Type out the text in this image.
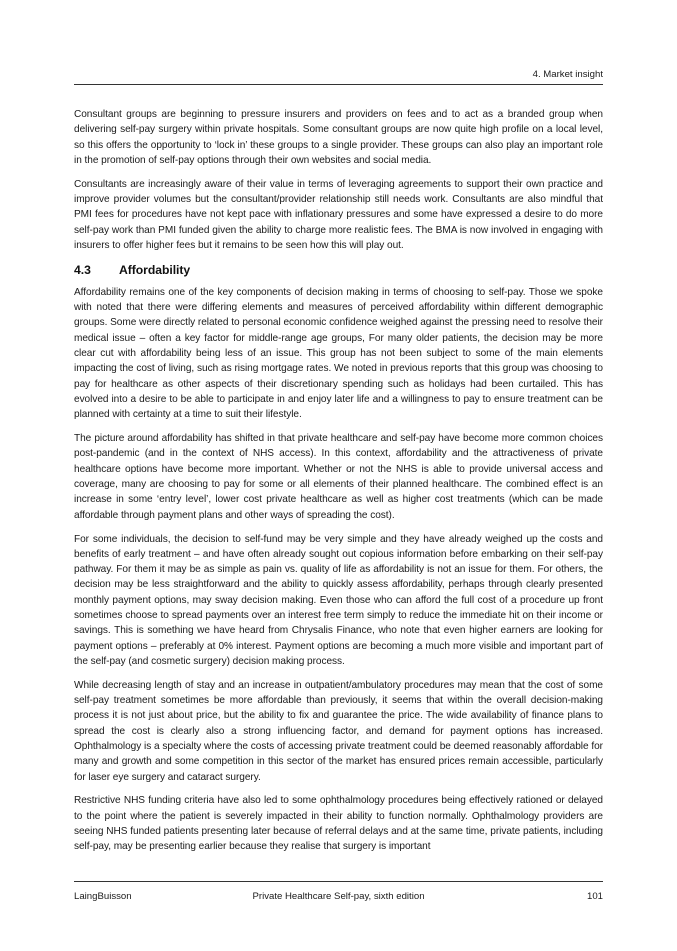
4. Market insight

Consultant groups are beginning to pressure insurers and providers on fees and to act as a branded group when delivering self-pay surgery within private hospitals. Some consultant groups are now quite high profile on a local level, so this offers the opportunity to ‘lock in’ these groups to a single provider. These groups can also play an important role in the promotion of self-pay options through their own websites and social media.

Consultants are increasingly aware of their value in terms of leveraging agreements to support their own practice and improve provider volumes but the consultant/provider relationship still needs work. Consultants are also mindful that PMI fees for procedures have not kept pace with inflationary pressures and some have expressed a desire to do more self-pay work than PMI funded given the ability to charge more realistic fees. The BMA is now involved in engaging with insurers to offer higher fees but it remains to be seen how this will play out.

4.3 Affordability

Affordability remains one of the key components of decision making in terms of choosing to self-pay. Those we spoke with noted that there were differing elements and measures of perceived affordability within different demographic groups. Some were directly related to personal economic confidence weighed against the pressing need to resolve their medical issue – often a key factor for middle-range age groups, For many older patients, the decision may be more clear cut with affordability being less of an issue. This group has not been subject to some of the main elements impacting the cost of living, such as rising mortgage rates. We noted in previous reports that this group was choosing to pay for healthcare as other aspects of their discretionary spending such as holidays had been curtailed. This has evolved into a desire to be able to participate in and enjoy later life and a willingness to pay to ensure treatment can be planned with certainty at a time to suit their lifestyle.

The picture around affordability has shifted in that private healthcare and self-pay have become more common choices post-pandemic (and in the context of NHS access). In this context, affordability and the attractiveness of private healthcare options have become more important. Whether or not the NHS is able to provide universal access and coverage, many are choosing to pay for some or all elements of their planned healthcare. The combined effect is an increase in some ‘entry level’, lower cost private healthcare as well as higher cost treatments (which can be made affordable through payment plans and other ways of spreading the cost).

For some individuals, the decision to self-fund may be very simple and they have already weighed up the costs and benefits of early treatment – and have often already sought out copious information before embarking on their self-pay pathway. For them it may be as simple as pain vs. quality of life as affordability is not an issue for them. For others, the decision may be less straightforward and the ability to quickly assess affordability, perhaps through clearly presented monthly payment options, may sway decision making. Even those who can afford the full cost of a procedure up front sometimes choose to spread payments over an interest free term simply to reduce the immediate hit on their income or savings. This is something we have heard from Chrysalis Finance, who note that even higher earners are looking for payment options – preferably at 0% interest. Payment options are becoming a much more visible and important part of the self-pay (and cosmetic surgery) decision making process.

While decreasing length of stay and an increase in outpatient/ambulatory procedures may mean that the cost of some self-pay treatment sometimes be more affordable than previously, it seems that within the overall decision-making process it is not just about price, but the ability to fix and guarantee the price. The wide availability of finance plans to spread the cost is clearly also a strong influencing factor, and demand for payment options has increased. Ophthalmology is a specialty where the costs of accessing private treatment could be deemed reasonably affordable for many and growth and some competition in this sector of the market has ensured prices remain accessible, particularly for laser eye surgery and cataract surgery.

Restrictive NHS funding criteria have also led to some ophthalmology procedures being effectively rationed or delayed to the point where the patient is severely impacted in their ability to function normally. Ophthalmology providers are seeing NHS funded patients presenting later because of referral delays and at the same time, private patients, including self-pay, may be presenting earlier because they realise that surgery is important

LaingBuisson	Private Healthcare Self-pay, sixth edition	101
